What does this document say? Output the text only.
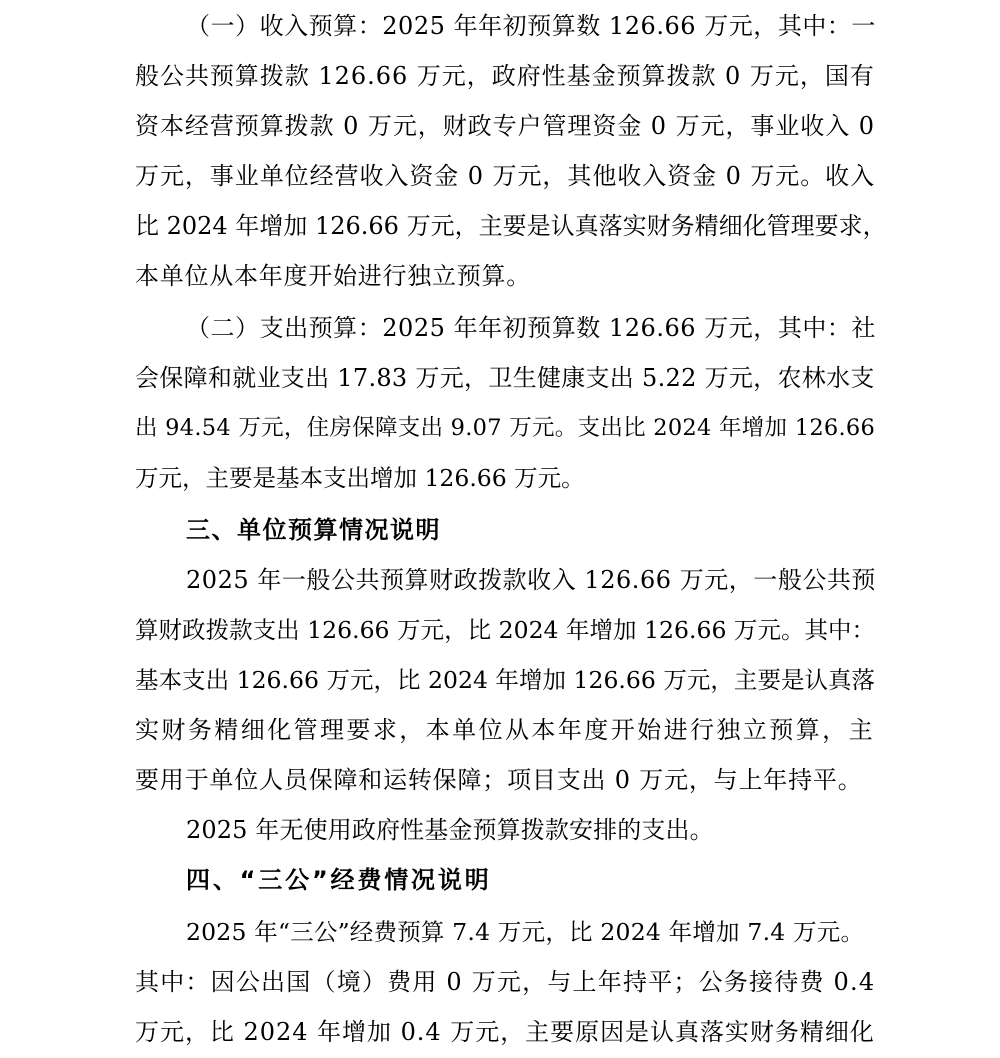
（一）收入预算：2025 年年初预算数 126.66 万元，其中：一
般公共预算拨款 126.66 万元，政府性基金预算拨款 0 万元，国有
资本经营预算拨款 0 万元，财政专户管理资金 0 万元，事业收入 0
万元，事业单位经营收入资金 0 万元，其他收入资金 0 万元。收入
比 2024 年增加 126.66 万元，主要是认真落实财务精细化管理要求，
本单位从本年度开始进行独立预算。
（二）支出预算：2025 年年初预算数 126.66 万元，其中：社
会保障和就业支出 17.83 万元，卫生健康支出 5.22 万元，农林水支
出 94.54 万元，住房保障支出 9.07 万元。支出比 2024 年增加 126.66
万元，主要是基本支出增加 126.66 万元。
三、单位预算情况说明
2025 年一般公共预算财政拨款收入 126.66 万元，一般公共预
算财政拨款支出 126.66 万元，比 2024 年增加 126.66 万元。其中：
基本支出 126.66 万元，比 2024 年增加 126.66 万元，主要是认真落
实财务精细化管理要求，本单位从本年度开始进行独立预算，主
要用于单位人员保障和运转保障；项目支出 0 万元，与上年持平。
2025 年无使用政府性基金预算拨款安排的支出。
四、“三公”经费情况说明
2025 年“三公”经费预算 7.4 万元，比 2024 年增加 7.4 万元。
其中：因公出国（境）费用 0 万元，与上年持平；公务接待费 0.4
万元，比 2024 年增加 0.4 万元，主要原因是认真落实财务精细化
